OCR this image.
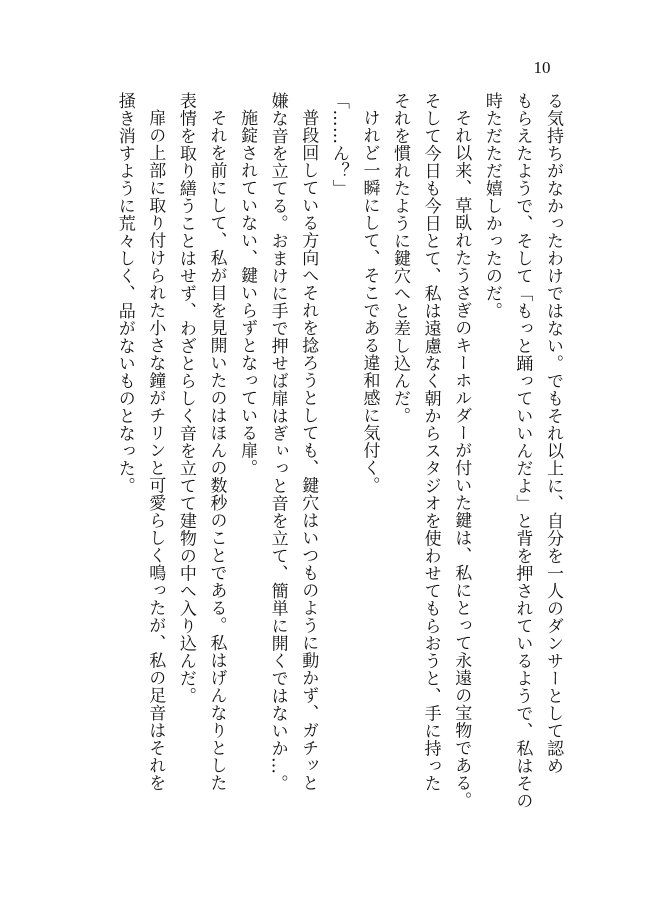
10
る気持ちがなかったわけではない。でもそれ以上に、自分を一人のダンサーとして認め
もらえたようで、そして「もっと踊っていいんだよ」と背を押されているようで、私はその
時ただただ嬉しかったのだ。
それ以来、草臥れたうさぎのキーホルダーが付いた鍵は、私にとって永遠の宝物である。
そして今日も今日とて、私は遠慮なく朝からスタジオを使わせてもらおうと、手に持った
それを慣れたように鍵穴へと差し込んだ。
けれど一瞬にして、そこである違和感に気付く。
「……ん？」
普段回している方向へそれを捻ろうとしても、鍵穴はいつものように動かず、ガチッと
嫌な音を立てる。おまけに手で押せば扉はぎぃっと音を立て、簡単に開くではないか…。
施錠されていない、鍵いらずとなっている扉。
それを前にして、私が目を見開いたのはほんの数秒のことである。私はげんなりとした
表情を取り繕うことはせず、わざとらしく音を立てて建物の中へ入り込んだ。
扉の上部に取り付けられた小さな鐘がチリンと可愛らしく鳴ったが、私の足音はそれを
掻き消すように荒々しく、品がないものとなった。
